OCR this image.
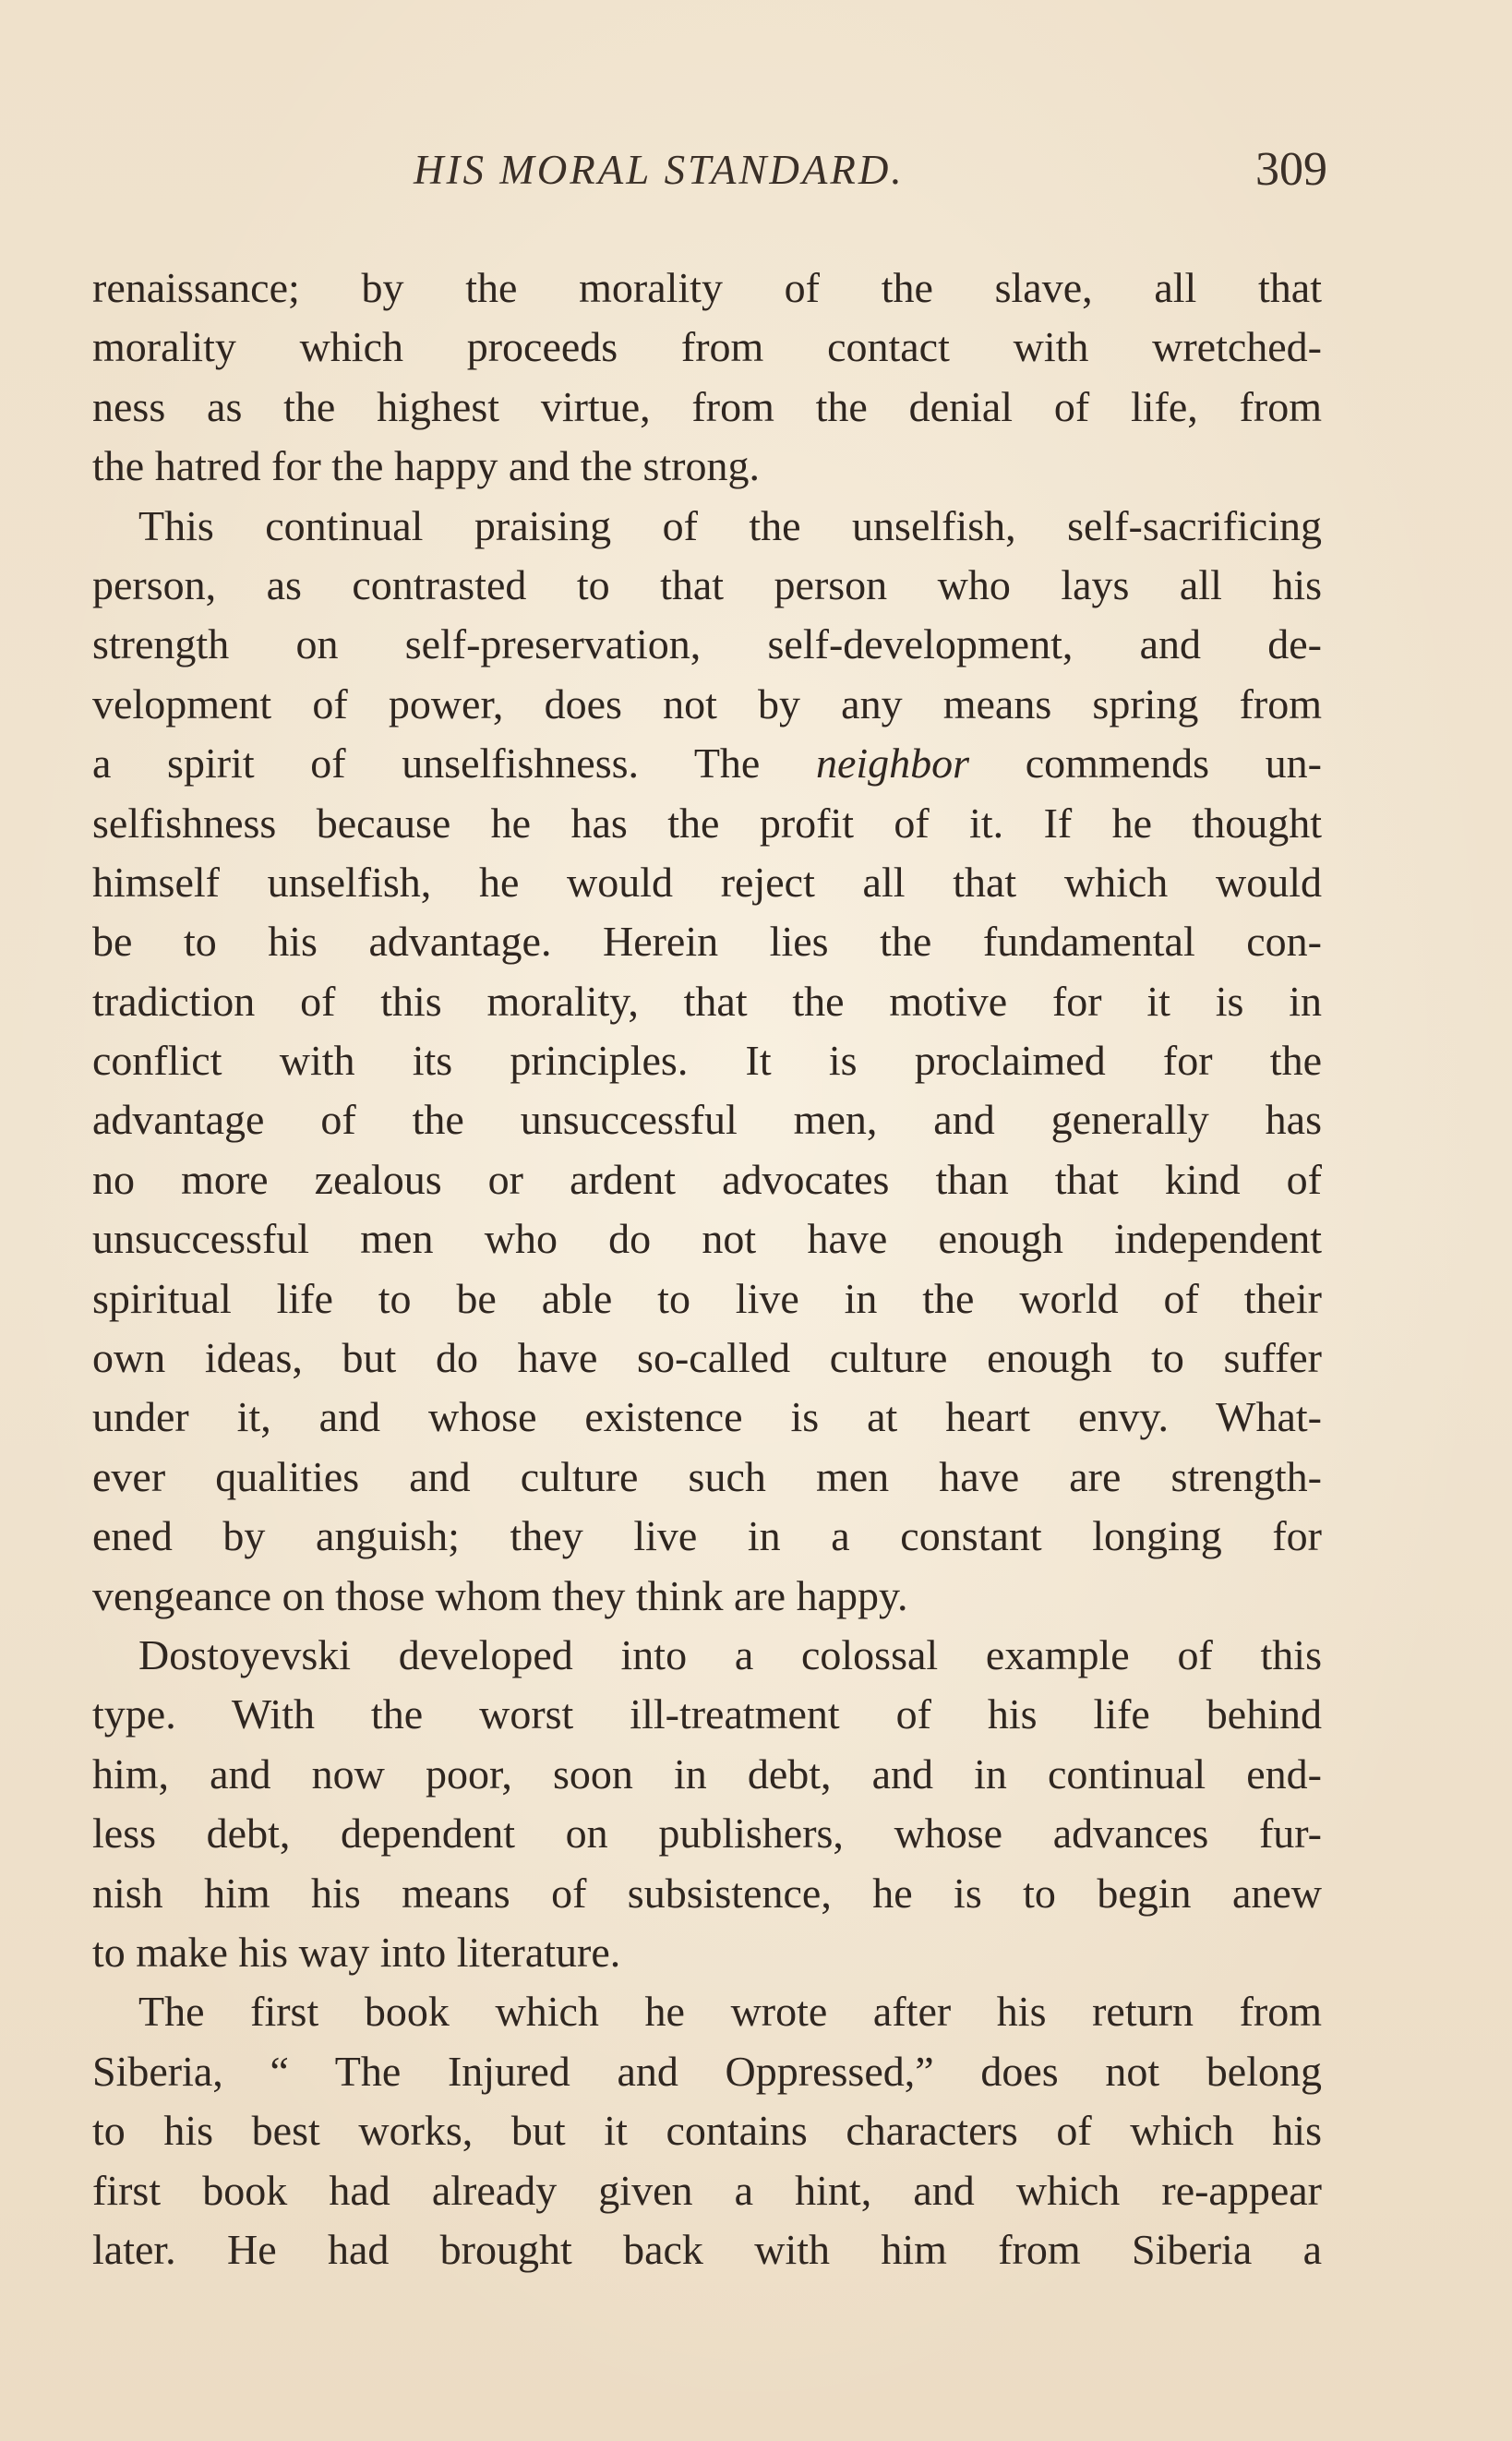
HIS MORAL STANDARD.	309
renaissance; by the morality of the slave, all that
morality which proceeds from contact with wretched-
ness as the highest virtue, from the denial of life, from
the hatred for the happy and the strong.
This continual praising of the unselfish, self-sacrificing
person, as contrasted to that person who lays all his
strength on self-preservation, self-development, and de-
velopment of power, does not by any means spring from
a spirit of unselfishness. The neighbor commends un-
selfishness because he has the profit of it. If he thought
himself unselfish, he would reject all that which would
be to his advantage. Herein lies the fundamental con-
tradiction of this morality, that the motive for it is in
conflict with its principles. It is proclaimed for the
advantage of the unsuccessful men, and generally has
no more zealous or ardent advocates than that kind of
unsuccessful men who do not have enough independent
spiritual life to be able to live in the world of their
own ideas, but do have so-called culture enough to suffer
under it, and whose existence is at heart envy. What-
ever qualities and culture such men have are strength-
ened by anguish; they live in a constant longing for
vengeance on those whom they think are happy.
Dostoyevski developed into a colossal example of this
type. With the worst ill-treatment of his life behind
him, and now poor, soon in debt, and in continual end-
less debt, dependent on publishers, whose advances fur-
nish him his means of subsistence, he is to begin anew
to make his way into literature.
The first book which he wrote after his return from
Siberia, “ The Injured and Oppressed,” does not belong
to his best works, but it contains characters of which his
first book had already given a hint, and which re-appear
later. He had brought back with him from Siberia a
